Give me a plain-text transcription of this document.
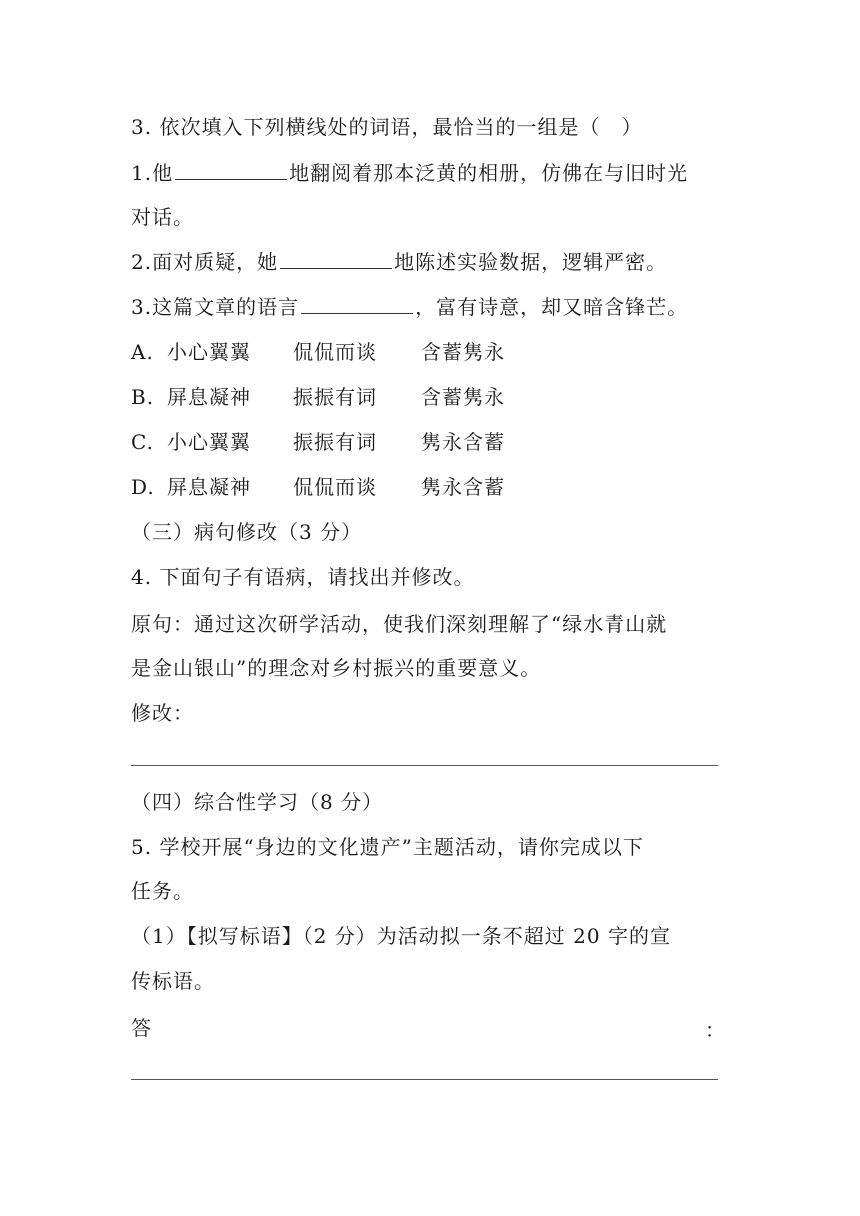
3. 依次填入下列横线处的词语，最恰当的一组是（　）
1.他	地翻阅着那本泛黄的相册，仿佛在与旧时光
对话。
2.面对质疑，她	地陈述实验数据，逻辑严密。
3.这篇文章的语言	，富有诗意，却又暗含锋芒。
A. 小心翼翼 侃侃而谈 含蓄隽永
B. 屏息凝神 振振有词 含蓄隽永
C. 小心翼翼 振振有词 隽永含蓄
D. 屏息凝神 侃侃而谈 隽永含蓄
（三）病句修改（3 分）
4. 下面句子有语病，请找出并修改。
原句：通过这次研学活动，使我们深刻理解了“绿水青山就
是金山银山”的理念对乡村振兴的重要意义。
修改：
（四）综合性学习（8 分）
5. 学校开展“身边的文化遗产”主题活动，请你完成以下
任务。
（1）【拟写标语】（2 分）为活动拟一条不超过 20 字的宣
传标语。
答	：
